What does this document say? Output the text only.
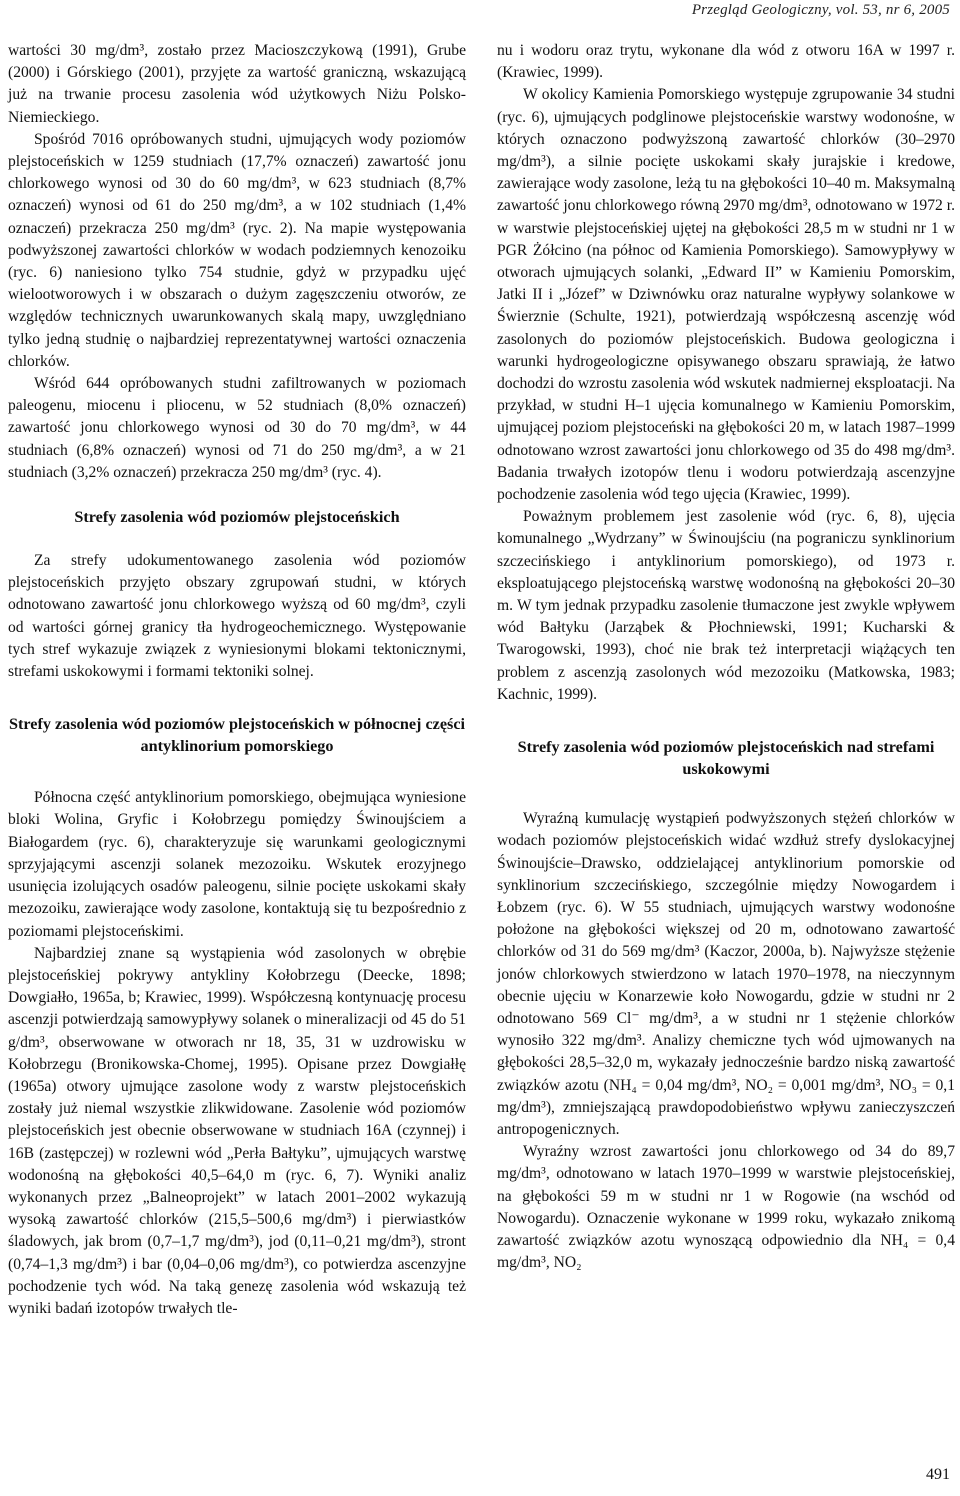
Przegląd Geologiczny, vol. 53, nr 6, 2005

wartości 30 mg/dm³, zostało przez Macioszczykową (1991), Grube (2000) i Górskiego (2001), przyjęte za wartość graniczną, wskazującą już na trwanie procesu zasolenia wód użytkowych Niżu Polsko-Niemieckiego.

Spośród 7016 opróbowanych studni, ujmujących wody poziomów plejstoceńskich w 1259 studniach (17,7% oznaczeń) zawartość jonu chlorkowego wynosi od 30 do 60 mg/dm³, w 623 studniach (8,7% oznaczeń) wynosi od 61 do 250 mg/dm³, a w 102 studniach (1,4% oznaczeń) przekracza 250 mg/dm³ (ryc. 2). Na mapie występowania podwyższonej zawartości chlorków w wodach podziemnych kenozoiku (ryc. 6) naniesiono tylko 754 studnie, gdyż w przypadku ujęć wielootworowych i w obszarach o dużym zagęszczeniu otworów, ze względów technicznych uwarunkowanych skalą mapy, uwzględniano tylko jedną studnię o najbardziej reprezentatywnej wartości oznaczenia chlorków.

Wśród 644 opróbowanych studni zafiltrowanych w poziomach paleogenu, miocenu i pliocenu, w 52 studniach (8,0% oznaczeń) zawartość jonu chlorkowego wynosi od 30 do 70 mg/dm³, w 44 studniach (6,8% oznaczeń) wynosi od 71 do 250 mg/dm³, a w 21 studniach (3,2% oznaczeń) przekracza 250 mg/dm³ (ryc. 4).

Strefy zasolenia wód poziomów plejstoceńskich

Za strefy udokumentowanego zasolenia wód poziomów plejstoceńskich przyjęto obszary zgrupowań studni, w których odnotowano zawartość jonu chlorkowego wyższą od 60 mg/dm³, czyli od wartości górnej granicy tła hydrogeochemicznego. Występowanie tych stref wykazuje związek z wyniesionymi blokami tektonicznymi, strefami uskokowymi i formami tektoniki solnej.

Strefy zasolenia wód poziomów plejstoceńskich w północnej części antyklinorium pomorskiego

Północna część antyklinorium pomorskiego, obejmująca wyniesione bloki Wolina, Gryfic i Kołobrzegu pomiędzy Świnoujściem a Białogardem (ryc. 6), charakteryzuje się warunkami geologicznymi sprzyjającymi ascenzji solanek mezozoiku. Wskutek erozyjnego usunięcia izolujących osadów paleogenu, silnie pocięte uskokami skały mezozoiku, zawierające wody zasolone, kontaktują się tu bezpośrednio z poziomami plejstoceńskimi.

Najbardziej znane są wystąpienia wód zasolonych w obrębie plejstoceńskiej pokrywy antykliny Kołobrzegu (Deecke, 1898; Dowgiałło, 1965a, b; Krawiec, 1999). Współczesną kontynuację procesu ascenzji potwierdzają samowypływy solanek o mineralizacji od 45 do 51 g/dm³, obserwowane w otworach nr 18, 35, 31 w uzdrowisku w Kołobrzegu (Bronikowska-Chomej, 1995). Opisane przez Dowgiałłę (1965a) otwory ujmujące zasolone wody z warstw plejstoceńskich zostały już niemal wszystkie zlikwidowane. Zasolenie wód poziomów plejstoceńskich jest obecnie obserwowane w studniach 16A (czynnej) i 16B (zastępczej) w rozlewni wód „Perła Bałtyku”, ujmujących warstwę wodonośną na głębokości 40,5–64,0 m (ryc. 6, 7). Wyniki analiz wykonanych przez „Balneoprojekt” w latach 2001–2002 wykazują wysoką zawartość chlorków (215,5–500,6 mg/dm³) i pierwiastków śladowych, jak brom (0,7–1,7 mg/dm³), jod (0,11–0,21 mg/dm³), stront (0,74–1,3 mg/dm³) i bar (0,04–0,06 mg/dm³), co potwierdza ascenzyjne pochodzenie tych wód. Na taką genezę zasolenia wód wskazują też wyniki badań izotopów trwałych tle-

nu i wodoru oraz trytu, wykonane dla wód z otworu 16A w 1997 r. (Krawiec, 1999).

W okolicy Kamienia Pomorskiego występuje zgrupowanie 34 studni (ryc. 6), ujmujących podglinowe plejstoceńskie warstwy wodonośne, w których oznaczono podwyższoną zawartość chlorków (30–2970 mg/dm³), a silnie pocięte uskokami skały jurajskie i kredowe, zawierające wody zasolone, leżą tu na głębokości 10–40 m. Maksymalną zawartość jonu chlorkowego równą 2970 mg/dm³, odnotowano w 1972 r. w warstwie plejstoceńskiej ujętej na głębokości 28,5 m w studni nr 1 w PGR Żółcino (na północ od Kamienia Pomorskiego). Samowypływy w otworach ujmujących solanki, „Edward II” w Kamieniu Pomorskim, Jatki II i „Józef” w Dziwnówku oraz naturalne wypływy solankowe w Świerznie (Schulte, 1921), potwierdzają współczesną ascenzję wód zasolonych do poziomów plejstoceńskich. Budowa geologiczna i warunki hydrogeologiczne opisywanego obszaru sprawiają, że łatwo dochodzi do wzrostu zasolenia wód wskutek nadmiernej eksploatacji. Na przykład, w studni H–1 ujęcia komunalnego w Kamieniu Pomorskim, ujmującej poziom plejstoceński na głębokości 20 m, w latach 1987–1999 odnotowano wzrost zawartości jonu chlorkowego od 35 do 498 mg/dm³. Badania trwałych izotopów tlenu i wodoru potwierdzają ascenzyjne pochodzenie zasolenia wód tego ujęcia (Krawiec, 1999).

Poważnym problemem jest zasolenie wód (ryc. 6, 8), ujęcia komunalnego „Wydrzany” w Świnoujściu (na pograniczu synklinorium szczecińskiego i antyklinorium pomorskiego), od 1973 r. eksploatującego plejstoceńską warstwę wodonośną na głębokości 20–30 m. W tym jednak przypadku zasolenie tłumaczone jest zwykle wpływem wód Bałtyku (Jarząbek & Płochniewski, 1991; Kucharski & Twarogowski, 1993), choć nie brak też interpretacji wiążących ten problem z ascenzją zasolonych wód mezozoiku (Matkowska, 1983; Kachnic, 1999).

Strefy zasolenia wód poziomów plejstoceńskich nad strefami uskokowymi

Wyraźną kumulację wystąpień podwyższonych stężeń chlorków w wodach poziomów plejstoceńskich widać wzdłuż strefy dyslokacyjnej Świnoujście–Drawsko, oddzielającej antyklinorium pomorskie od synklinorium szczecińskiego, szczególnie między Nowogardem i Łobzem (ryc. 6). W 55 studniach, ujmujących warstwy wodonośne położone na głębokości większej od 20 m, odnotowano zawartość chlorków od 31 do 569 mg/dm³ (Kaczor, 2000a, b). Najwyższe stężenie jonów chlorkowych stwierdzono w latach 1970–1978, na nieczynnym obecnie ujęciu w Konarzewie koło Nowogardu, gdzie w studni nr 2 odnotowano 569 Cl⁻ mg/dm³, a w studni nr 1 stężenie chlorków wynosiło 322 mg/dm³. Analizy chemiczne tych wód ujmowanych na głębokości 28,5–32,0 m, wykazały jednocześnie bardzo niską zawartość związków azotu (NH₄ = 0,04 mg/dm³, NO₂ = 0,001 mg/dm³, NO₃ = 0,1 mg/dm³), zmniejszającą prawdopodobieństwo wpływu zanieczyszczeń antropogenicznych.

Wyraźny wzrost zawartości jonu chlorkowego od 34 do 89,7 mg/dm³, odnotowano w latach 1970–1999 w warstwie plejstoceńskiej, na głębokości 59 m w studni nr 1 w Rogowie (na wschód od Nowogardu). Oznaczenie wykonane w 1999 roku, wykazało znikomą zawartość związków azotu wynoszącą odpowiednio dla NH₄ = 0,4 mg/dm³, NO₂

491
